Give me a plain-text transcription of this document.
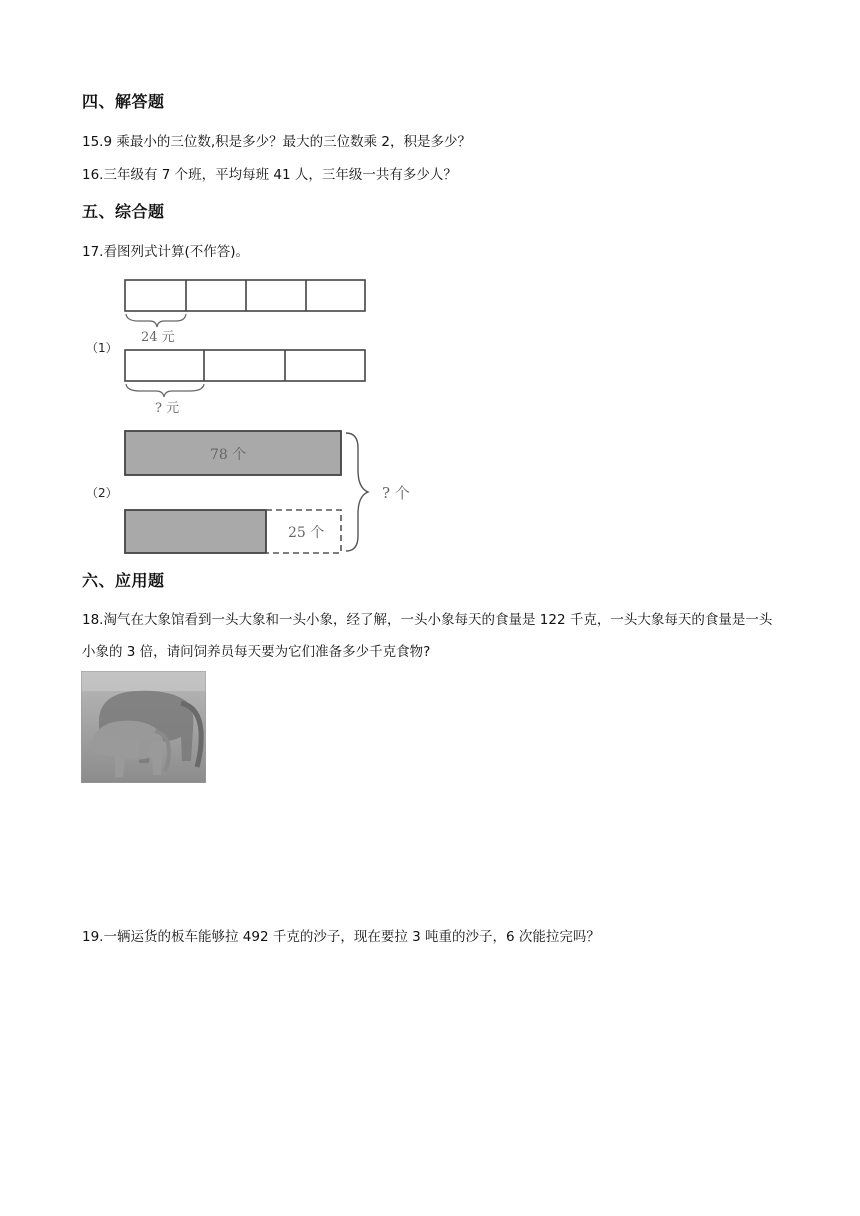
四、解答题
15.9 乘最小的三位数,积是多少？最大的三位数乘 2，积是多少？
16.三年级有 7 个班，平均每班 41 人，三年级一共有多少人？
五、综合题
17.看图列式计算(不作答)。
（1）
24 元
? 元
（2）
78 个
25 个
? 个
六、应用题
18.淘气在大象馆看到一头大象和一头小象，经了解，一头小象每天的食量是 122 千克，一头大象每天的食量是一头小象的 3 倍，请问饲养员每天要为它们准备多少千克食物?
19.一辆运货的板车能够拉 492 千克的沙子，现在要拉 3 吨重的沙子，6 次能拉完吗？
